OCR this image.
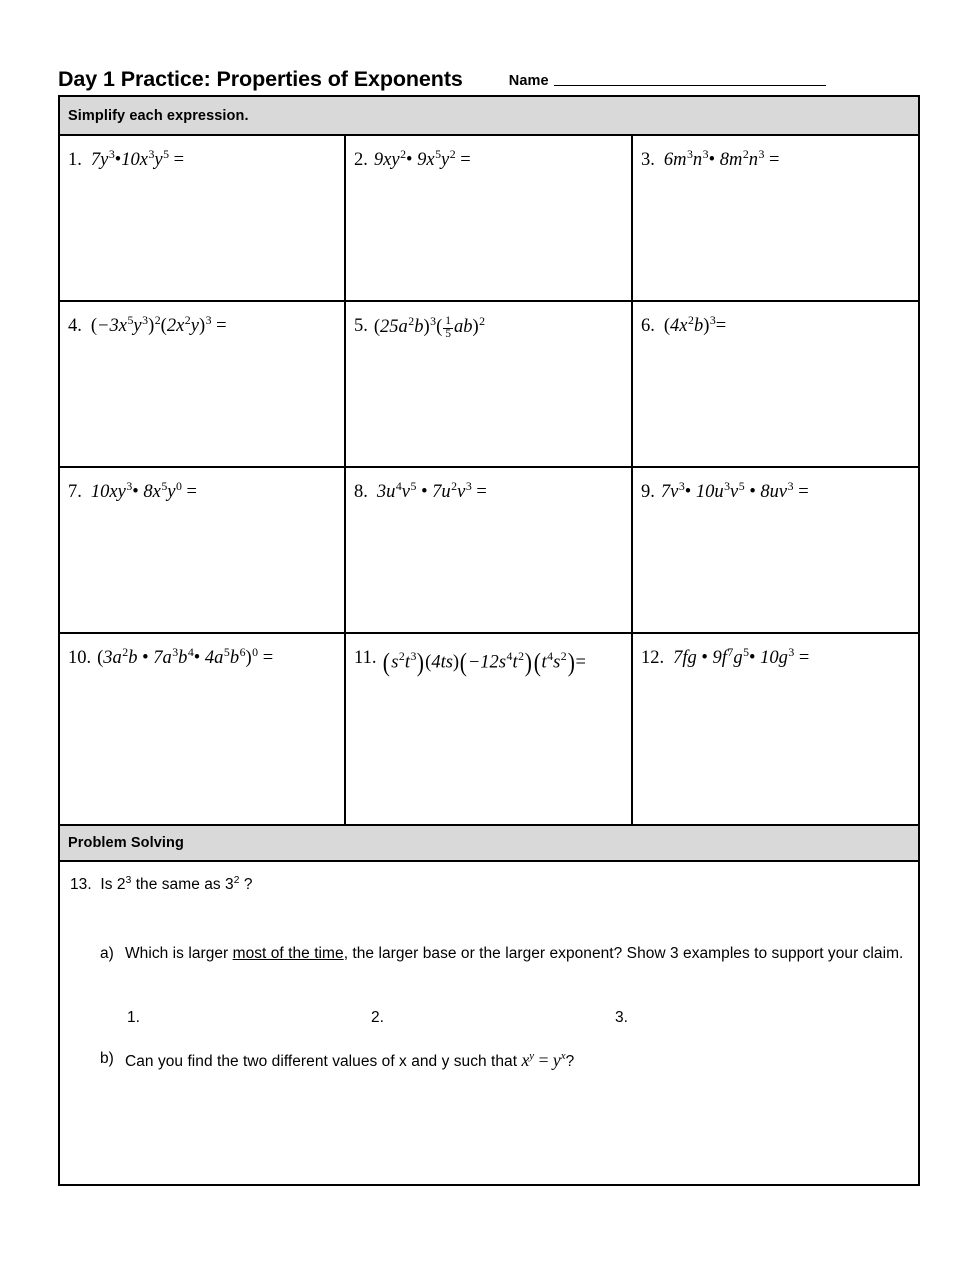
Day 1 Practice: Properties of Exponents	Name
Simplify each expression.
1. $7y^3•10x^3y^5$ =	2. $9xy^2•$ $9x^5y^2$ =	3. $6m^3n^3•$ $8m^2n^3$ =
4. $(-3x^5y^3)^2(2x^2y)^3$ =	5. $(25a^2b)^3( \frac{1}{5} ab)^2$	6. $(4x^2b)^3=$
7. $10xy^3•$ $8x^5y^0$ =	8. $3u^4v^5$ • $7u^2v^3$ =	9. $7v^3•$ $10u^3v^5$ • $8uv^3$ =
10. ($3a^2b$ • $7a^3b^4•$ $4a^5b^6)^0$ =	11. $(s^2t^3)(4ts)(-12s^4t^2)(t^4s^2)=$	12. 7fg • $9f^7g^5•$ $10g^3$ =
Problem Solving
13. Is $2^3$ the same as $3^2$ ?
a) Which is larger most of the time, the larger base or the larger exponent? Show 3 examples to support your claim.
1.	2.	3.
b) Can you find the two different values of x and y such that $x^y = y^x$?
